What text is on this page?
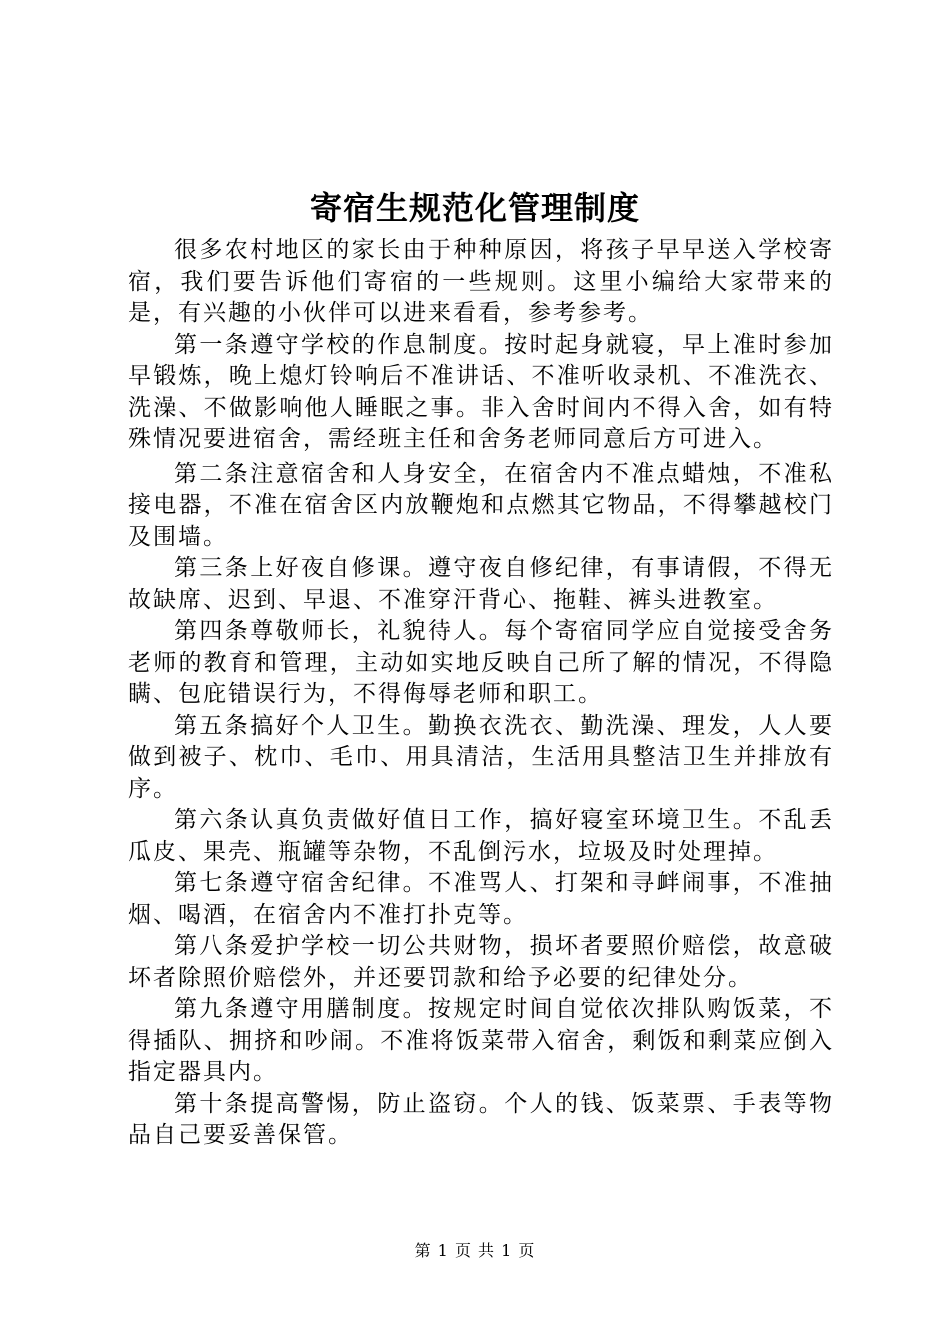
寄宿生规范化管理制度

很多农村地区的家长由于种种原因，将孩子早早送入学校寄宿，我们要告诉他们寄宿的一些规则。这里小编给大家带来的是，有兴趣的小伙伴可以进来看看，参考参考。

第一条遵守学校的作息制度。按时起身就寝，早上准时参加早锻炼，晚上熄灯铃响后不准讲话、不准听收录机、不准洗衣、洗澡、不做影响他人睡眠之事。非入舍时间内不得入舍，如有特殊情况要进宿舍，需经班主任和舍务老师同意后方可进入。

第二条注意宿舍和人身安全，在宿舍内不准点蜡烛，不准私接电器，不准在宿舍区内放鞭炮和点燃其它物品，不得攀越校门及围墙。

第三条上好夜自修课。遵守夜自修纪律，有事请假，不得无故缺席、迟到、早退、不准穿汗背心、拖鞋、裤头进教室。

第四条尊敬师长，礼貌待人。每个寄宿同学应自觉接受舍务老师的教育和管理，主动如实地反映自己所了解的情况，不得隐瞒、包庇错误行为，不得侮辱老师和职工。

第五条搞好个人卫生。勤换衣洗衣、勤洗澡、理发，人人要做到被子、枕巾、毛巾、用具清洁，生活用具整洁卫生并排放有序。

第六条认真负责做好值日工作，搞好寝室环境卫生。不乱丢瓜皮、果壳、瓶罐等杂物，不乱倒污水，垃圾及时处理掉。

第七条遵守宿舍纪律。不准骂人、打架和寻衅闹事，不准抽烟、喝酒，在宿舍内不准打扑克等。

第八条爱护学校一切公共财物，损坏者要照价赔偿，故意破坏者除照价赔偿外，并还要罚款和给予必要的纪律处分。

第九条遵守用膳制度。按规定时间自觉依次排队购饭菜，不得插队、拥挤和吵闹。不准将饭菜带入宿舍，剩饭和剩菜应倒入指定器具内。

第十条提高警惕，防止盗窃。个人的钱、饭菜票、手表等物品自己要妥善保管。

第 1 页 共 1 页
